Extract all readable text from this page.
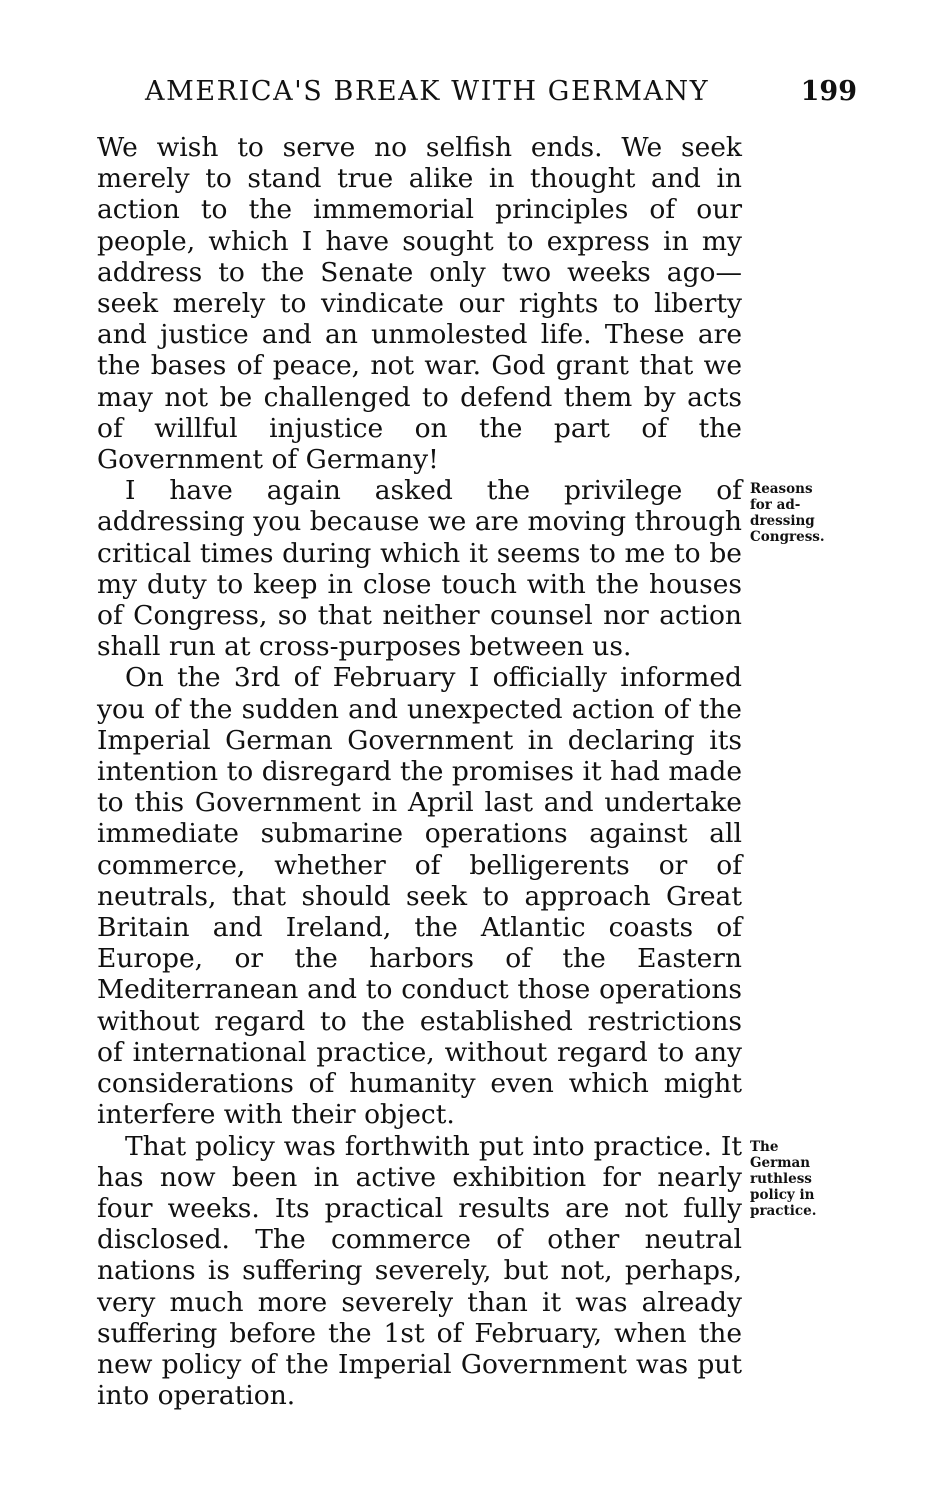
AMERICA'S BREAK WITH GERMANY	199

We wish to serve no selfish ends. We seek merely to stand true alike in thought and in action to the immemorial principles of our people, which I have sought to express in my address to the Senate only two weeks ago—seek merely to vindicate our rights to liberty and justice and an unmolested life. These are the bases of peace, not war. God grant that we may not be challenged to defend them by acts of willful injustice on the part of the Government of Germany!

I have again asked the privilege of addressing you because we are moving through critical times during which it seems to me to be my duty to keep in close touch with the houses of Congress, so that neither counsel nor action shall run at cross-purposes between us.

On the 3rd of February I officially informed you of the sudden and unexpected action of the Imperial German Government in declaring its intention to disregard the promises it had made to this Government in April last and undertake immediate submarine operations against all commerce, whether of belligerents or of neutrals, that should seek to approach Great Britain and Ireland, the Atlantic coasts of Europe, or the harbors of the Eastern Mediterranean and to conduct those operations without regard to the established restrictions of international practice, without regard to any considerations of humanity even which might interfere with their object.

That policy was forthwith put into practice. It has now been in active exhibition for nearly four weeks. Its practical results are not fully disclosed. The commerce of other neutral nations is suffering severely, but not, perhaps, very much more severely than it was already suffering before the 1st of February, when the new policy of the Imperial Government was put into operation.

Reasons
for ad-
dressing
Congress.
The
German
ruthless
policy in
practice.
